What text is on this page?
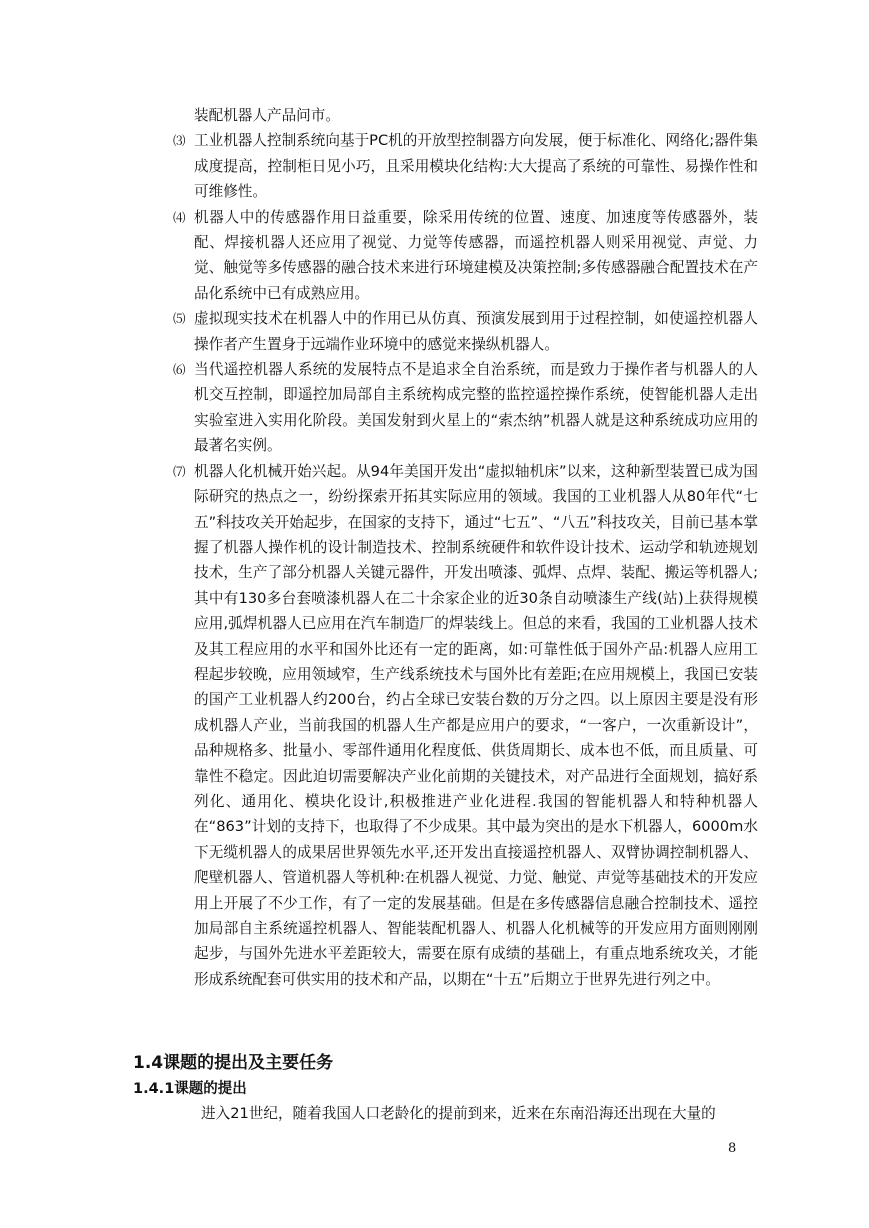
装配机器人产品问市。
⑶ 工业机器人控制系统向基于PC机的开放型控制器方向发展，便于标准化、网络化;器件集成度提高，控制柜日见小巧，且采用模块化结构:大大提高了系统的可靠性、易操作性和可维修性。
⑷ 机器人中的传感器作用日益重要，除采用传统的位置、速度、加速度等传感器外，装配、焊接机器人还应用了视觉、力觉等传感器，而遥控机器人则采用视觉、声觉、力觉、触觉等多传感器的融合技术来进行环境建模及决策控制;多传感器融合配置技术在产品化系统中已有成熟应用。
⑸ 虚拟现实技术在机器人中的作用已从仿真、预演发展到用于过程控制，如使遥控机器人操作者产生置身于远端作业环境中的感觉来操纵机器人。
⑹ 当代遥控机器人系统的发展特点不是追求全自治系统，而是致力于操作者与机器人的人机交互控制，即遥控加局部自主系统构成完整的监控遥控操作系统，使智能机器人走出实验室进入实用化阶段。美国发射到火星上的“索杰纳”机器人就是这种系统成功应用的最著名实例。
⑺ 机器人化机械开始兴起。从94年美国开发出“虚拟轴机床”以来，这种新型装置已成为国际研究的热点之一，纷纷探索开拓其实际应用的领域。我国的工业机器人从80年代“七五”科技攻关开始起步，在国家的支持下，通过“七五”、“八五”科技攻关，目前已基本掌握了机器人操作机的设计制造技术、控制系统硬件和软件设计技术、运动学和轨迹规划技术，生产了部分机器人关键元器件，开发出喷漆、弧焊、点焊、装配、搬运等机器人;其中有130多台套喷漆机器人在二十余家企业的近30条自动喷漆生产线(站)上获得规模应用,弧焊机器人已应用在汽车制造厂的焊装线上。但总的来看，我国的工业机器人技术及其工程应用的水平和国外比还有一定的距离，如:可靠性低于国外产品:机器人应用工程起步较晚，应用领域窄，生产线系统技术与国外比有差距;在应用规模上，我国已安装的国产工业机器人约200台，约占全球已安装台数的万分之四。以上原因主要是没有形成机器人产业，当前我国的机器人生产都是应用户的要求，“一客户，一次重新设计”，品种规格多、批量小、零部件通用化程度低、供货周期长、成本也不低，而且质量、可靠性不稳定。因此迫切需要解决产业化前期的关键技术，对产品进行全面规划，搞好系列化、通用化、模块化设计,积极推进产业化进程.我国的智能机器人和特种机器人在“863”计划的支持下，也取得了不少成果。其中最为突出的是水下机器人，6000m水下无缆机器人的成果居世界领先水平,还开发出直接遥控机器人、双臂协调控制机器人、爬壁机器人、管道机器人等机种:在机器人视觉、力觉、触觉、声觉等基础技术的开发应用上开展了不少工作，有了一定的发展基础。但是在多传感器信息融合控制技术、遥控加局部自主系统遥控机器人、智能装配机器人、机器人化机械等的开发应用方面则刚刚起步，与国外先进水平差距较大，需要在原有成绩的基础上，有重点地系统攻关，才能形成系统配套可供实用的技术和产品，以期在“十五”后期立于世界先进行列之中。
1.4课题的提出及主要任务
1.4.1课题的提出
进入21世纪，随着我国人口老龄化的提前到来，近来在东南沿海还出现在大量的
8
